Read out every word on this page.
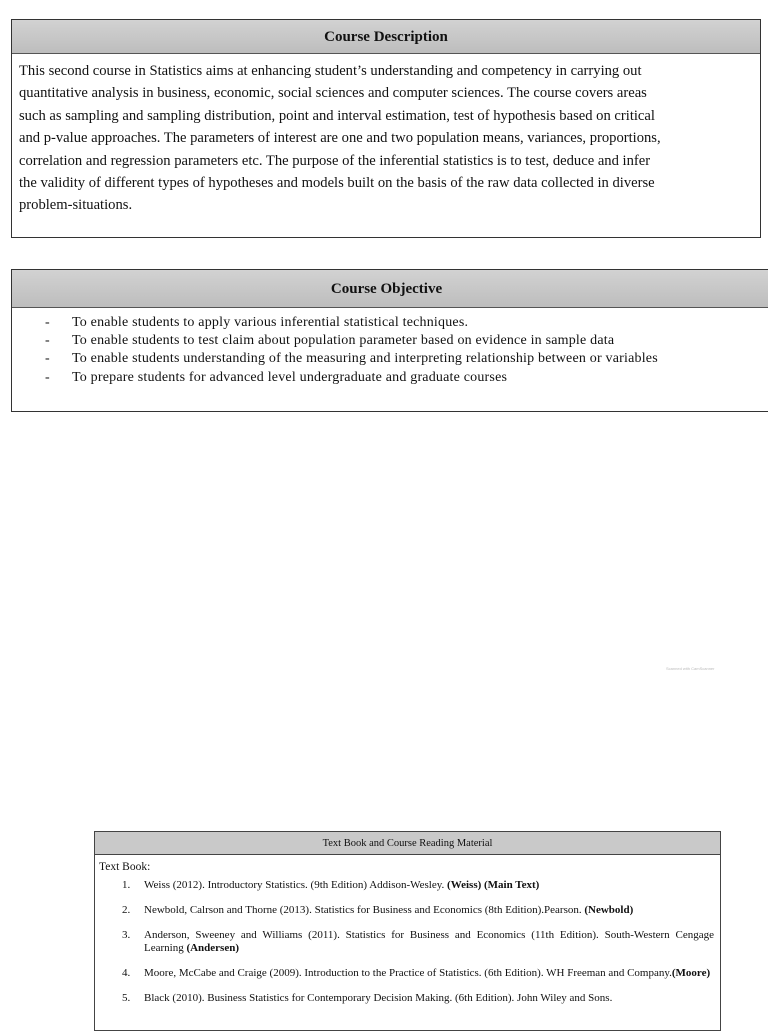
Course Description
This second course in Statistics aims at enhancing student’s understanding and competency in carrying out
quantitative analysis in business, economic, social sciences and computer sciences. The course covers areas
such as sampling and sampling distribution, point and interval estimation, test of hypothesis based on critical
and p-value approaches. The parameters of interest are one and two population means, variances, proportions,
correlation and regression parameters etc. The purpose of the inferential statistics is to test, deduce and infer
the validity of different types of hypotheses and models built on the basis of the raw data collected in diverse
problem-situations.
Course Objective
- To enable students to apply various inferential statistical techniques.
- To enable students to test claim about population parameter based on evidence in sample data
- To enable students understanding of the measuring and interpreting relationship between or variables
- To prepare students for advanced level undergraduate and graduate courses
Scanned with CamScanner
Text Book and Course Reading Material
Text Book:
1. Weiss (2012). Introductory Statistics. (9th Edition) Addison-Wesley. (Weiss) (Main Text)
2. Newbold, Calrson and Thorne (2013). Statistics for Business and Economics (8th Edition).Pearson. (Newbold)
3. Anderson, Sweeney and Williams (2011). Statistics for Business and Economics (11th Edition). South-Western Cengage Learning (Andersen)
4. Moore, McCabe and Craige (2009). Introduction to the Practice of Statistics. (6th Edition). WH Freeman and Company.(Moore)
5. Black (2010). Business Statistics for Contemporary Decision Making. (6th Edition). John Wiley and Sons.
